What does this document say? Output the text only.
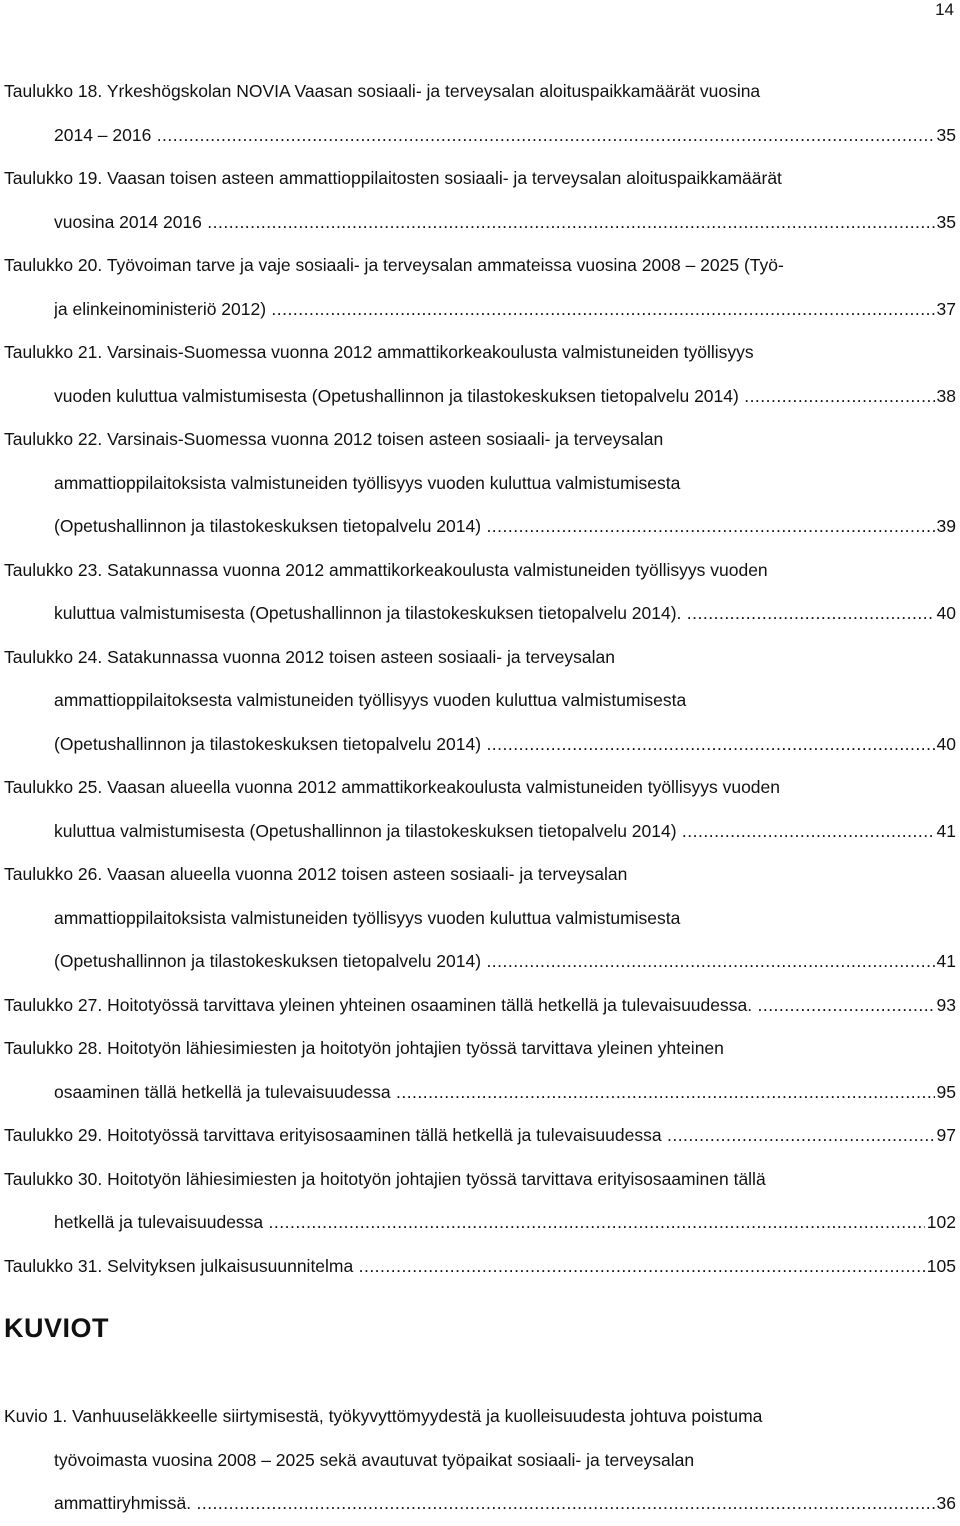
14
Taulukko 18. Yrkeshögskolan NOVIA Vaasan sosiaali- ja terveysalan aloituspaikkamäärät vuosina
2014 – 2016 .....	35
Taulukko 19. Vaasan toisen asteen ammattioppilaitosten sosiaali- ja terveysalan aloituspaikkamäärät
vuosina 2014 2016 .....	35
Taulukko 20. Työvoiman tarve ja vaje sosiaali- ja terveysalan ammateissa vuosina 2008 – 2025 (Työ-
ja elinkeinoministeriö 2012) .....	37
Taulukko 21. Varsinais-Suomessa vuonna 2012 ammattikorkeakoulusta valmistuneiden työllisyys
vuoden kuluttua valmistumisesta (Opetushallinnon ja tilastokeskuksen tietopalvelu 2014) .....	38
Taulukko 22. Varsinais-Suomessa vuonna 2012 toisen asteen sosiaali- ja terveysalan
ammattioppilaitoksista valmistuneiden työllisyys vuoden kuluttua valmistumisesta
(Opetushallinnon ja tilastokeskuksen tietopalvelu 2014) .....	39
Taulukko 23. Satakunnassa vuonna 2012 ammattikorkeakoulusta valmistuneiden työllisyys vuoden
kuluttua valmistumisesta (Opetushallinnon ja tilastokeskuksen tietopalvelu 2014). .....	40
Taulukko 24. Satakunnassa vuonna 2012 toisen asteen sosiaali- ja terveysalan
ammattioppilaitoksesta valmistuneiden työllisyys vuoden kuluttua valmistumisesta
(Opetushallinnon ja tilastokeskuksen tietopalvelu 2014) .....	40
Taulukko 25. Vaasan alueella vuonna 2012 ammattikorkeakoulusta valmistuneiden työllisyys vuoden
kuluttua valmistumisesta (Opetushallinnon ja tilastokeskuksen tietopalvelu 2014) .....	41
Taulukko 26. Vaasan alueella vuonna 2012 toisen asteen sosiaali- ja terveysalan
ammattioppilaitoksista valmistuneiden työllisyys vuoden kuluttua valmistumisesta
(Opetushallinnon ja tilastokeskuksen tietopalvelu 2014) .....	41
Taulukko 27. Hoitotyössä tarvittava yleinen yhteinen osaaminen tällä hetkellä ja tulevaisuudessa. .....	93
Taulukko 28. Hoitotyön lähiesimiesten ja hoitotyön johtajien työssä tarvittava yleinen yhteinen
osaaminen tällä hetkellä ja tulevaisuudessa .....	95
Taulukko 29. Hoitotyössä tarvittava erityisosaaminen tällä hetkellä ja tulevaisuudessa .....	97
Taulukko 30. Hoitotyön lähiesimiesten ja hoitotyön johtajien työssä tarvittava erityisosaaminen tällä
hetkellä ja tulevaisuudessa .....	102
Taulukko 31. Selvityksen julkaisusuunnitelma .....	105
KUVIOT
Kuvio 1. Vanhuuseläkkeelle siirtymisestä, työkyvyttömyydestä ja kuolleisuudesta johtuva poistuma
työvoimasta vuosina 2008 – 2025 sekä avautuvat työpaikat sosiaali- ja terveysalan
ammattiryhmissä. .....	36
